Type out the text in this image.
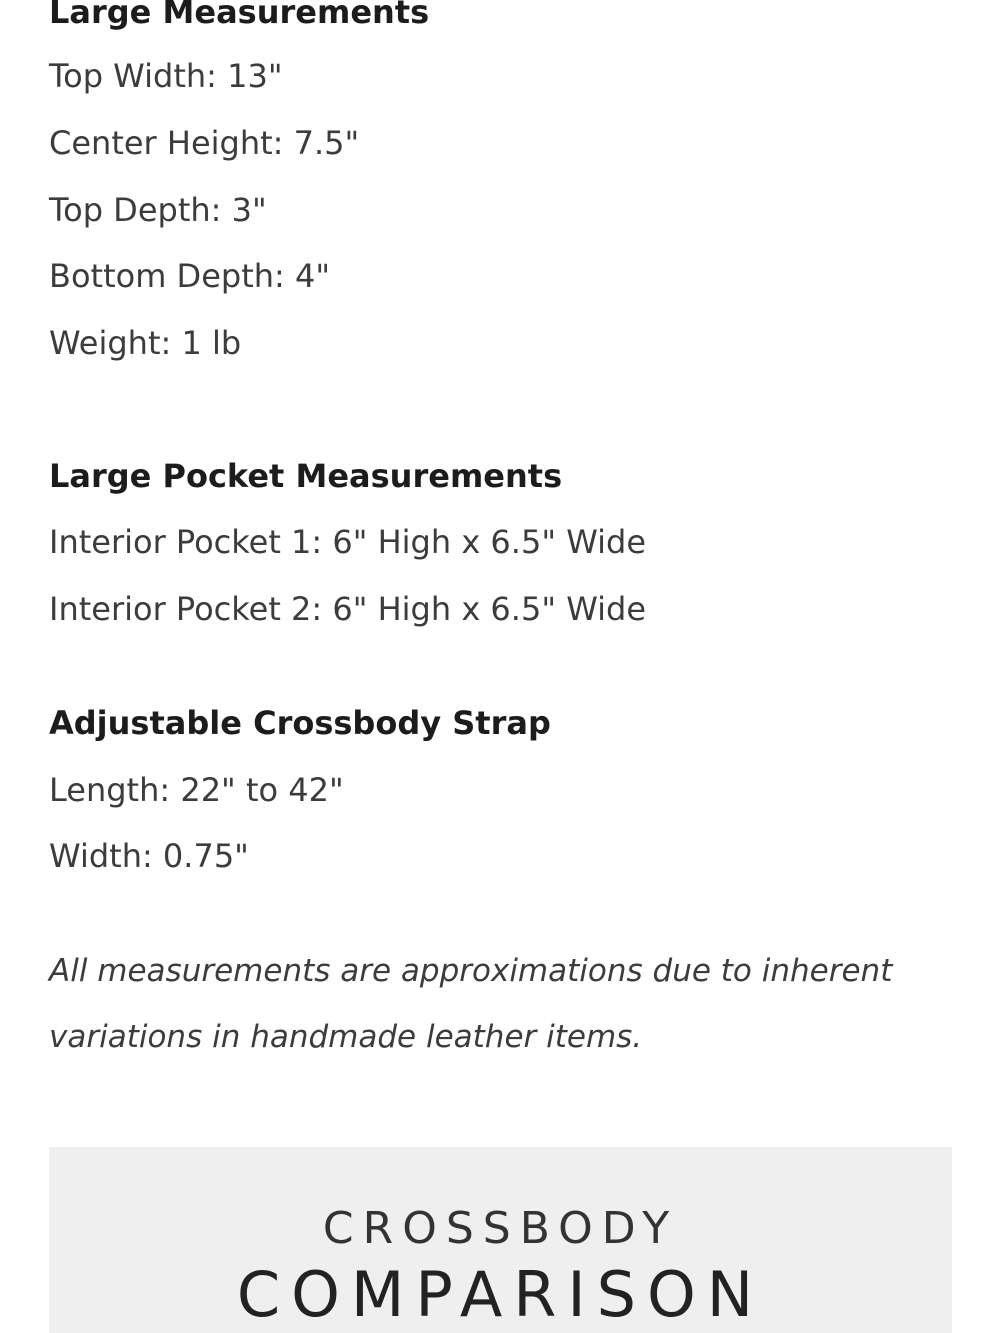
Large Measurements

Top Width: 13"

Center Height: 7.5"

Top Depth: 3"

Bottom Depth: 4"

Weight: 1 lb

Large Pocket Measurements

Interior Pocket 1: 6" High x 6.5" Wide

Interior Pocket 2: 6" High x 6.5" Wide

Adjustable Crossbody Strap

Length: 22" to 42"

Width: 0.75"

All measurements are approximations due to inherent

variations in handmade leather items.

CROSSBODY
COMPARISON
